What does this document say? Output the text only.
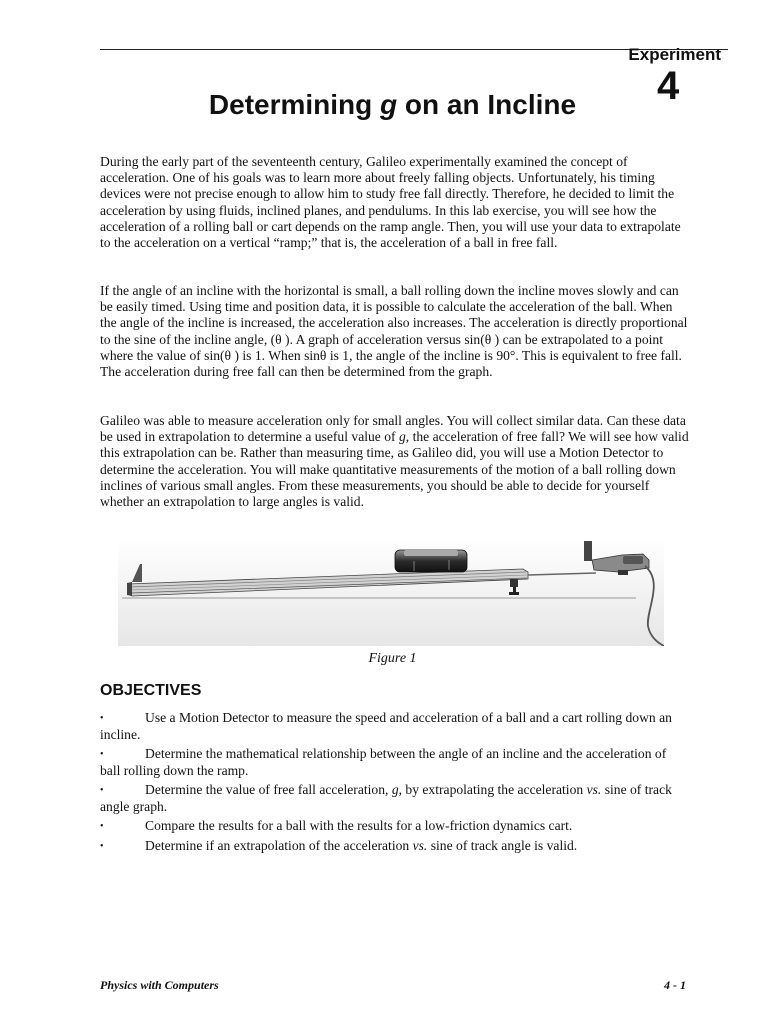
Experiment
4
Determining g on an Incline

During the early part of the seventeenth century, Galileo experimentally examined the concept of acceleration. One of his goals was to learn more about freely falling objects. Unfortunately, his timing devices were not precise enough to allow him to study free fall directly. Therefore, he decided to limit the acceleration by using fluids, inclined planes, and pendulums. In this lab exercise, you will see how the acceleration of a rolling ball or cart depends on the ramp angle. Then, you will use your data to extrapolate to the acceleration on a vertical “ramp;” that is, the acceleration of a ball in free fall.

If the angle of an incline with the horizontal is small, a ball rolling down the incline moves slowly and can be easily timed. Using time and position data, it is possible to calculate the acceleration of the ball. When the angle of the incline is increased, the acceleration also increases. The acceleration is directly proportional to the sine of the incline angle, (θ ). A graph of acceleration versus sin(θ ) can be extrapolated to a point where the value of sin(θ ) is 1. When sinθ is 1, the angle of the incline is 90°. This is equivalent to free fall. The acceleration during free fall can then be determined from the graph.

Galileo was able to measure acceleration only for small angles. You will collect similar data. Can these data be used in extrapolation to determine a useful value of g, the acceleration of free fall? We will see how valid this extrapolation can be. Rather than measuring time, as Galileo did, you will use a Motion Detector to determine the acceleration. You will make quantitative measurements of the motion of a ball rolling down inclines of various small angles. From these measurements, you should be able to decide for yourself whether an extrapolation to large angles is valid.

Figure 1
OBJECTIVES
•	Use a Motion Detector to measure the speed and acceleration of a ball and a cart rolling down an incline.
•	Determine the mathematical relationship between the angle of an incline and the acceleration of ball rolling down the ramp.
•	Determine the value of free fall acceleration, g, by extrapolating the acceleration vs. sine of track angle graph.
•	Compare the results for a ball with the results for a low-friction dynamics cart.
•	Determine if an extrapolation of the acceleration vs. sine of track angle is valid.
Physics with Computers	4 - 1
